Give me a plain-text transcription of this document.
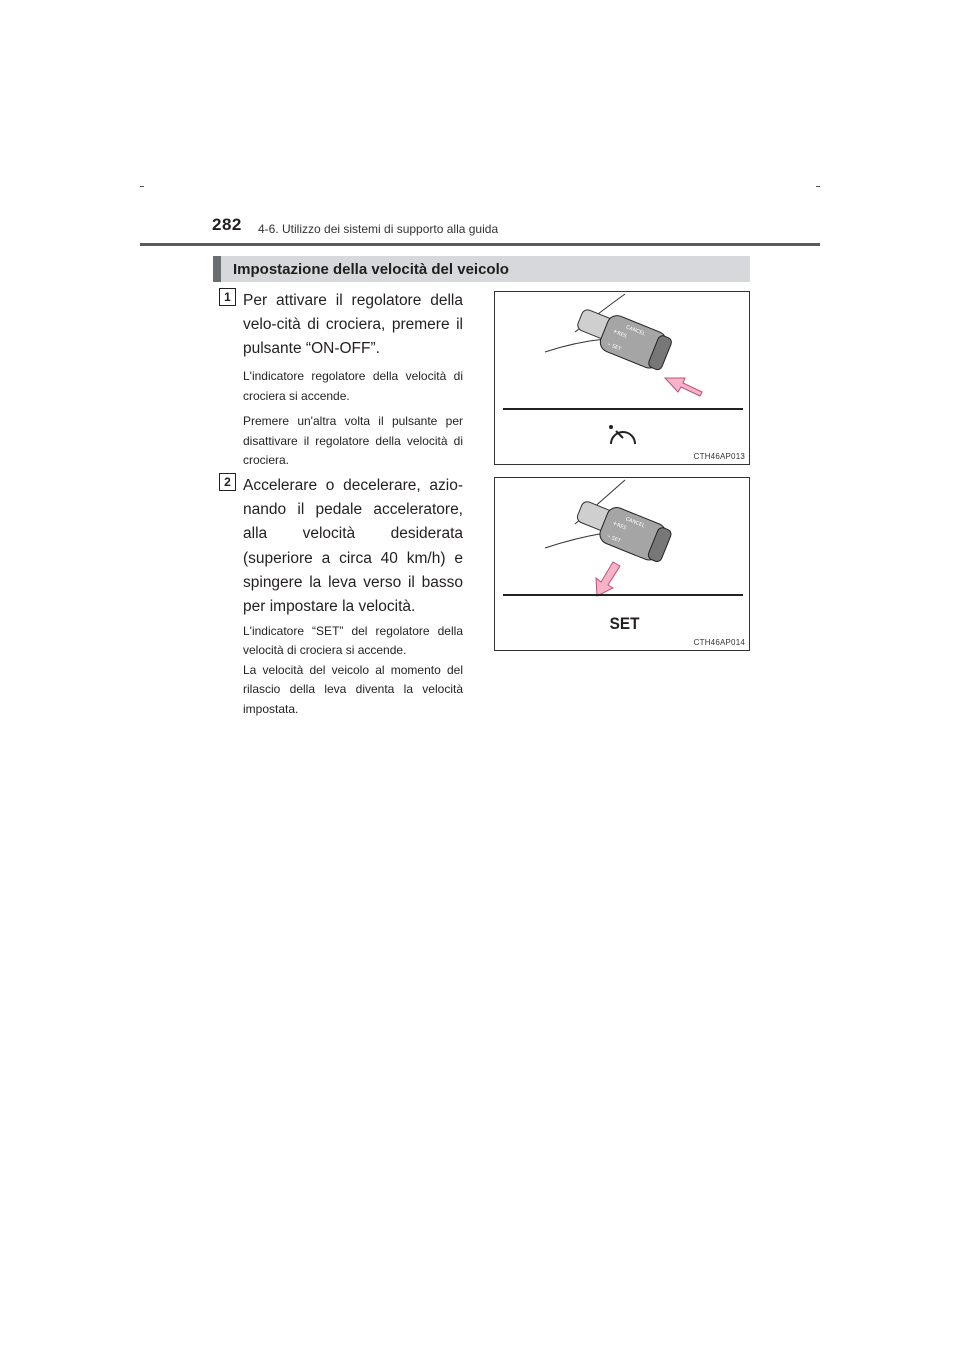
282 4-6. Utilizzo dei sistemi di supporto alla guida
Impostazione della velocità del veicolo
1 Per attivare il regolatore della velo-cità di crociera, premere il pulsante “ON-OFF”.

L'indicatore regolatore della velocità di crociera si accende.

Premere un'altra volta il pulsante per disattivare il regolatore della velocità di crociera.

CANCEL
+
RES
– SET
CTH46AP013
2 Accelerare o decelerare, azio-nando il pedale acceleratore, alla velocità desiderata (superiore a circa 40 km/h) e spingere la leva verso il basso per impostare la velocità.

L'indicatore “SET” del regolatore della velocità di crociera si accende.
La velocità del veicolo al momento del rilascio della leva diventa la velocità impostata.

CANCEL
+
RES
– SET
SET
CTH46AP014
